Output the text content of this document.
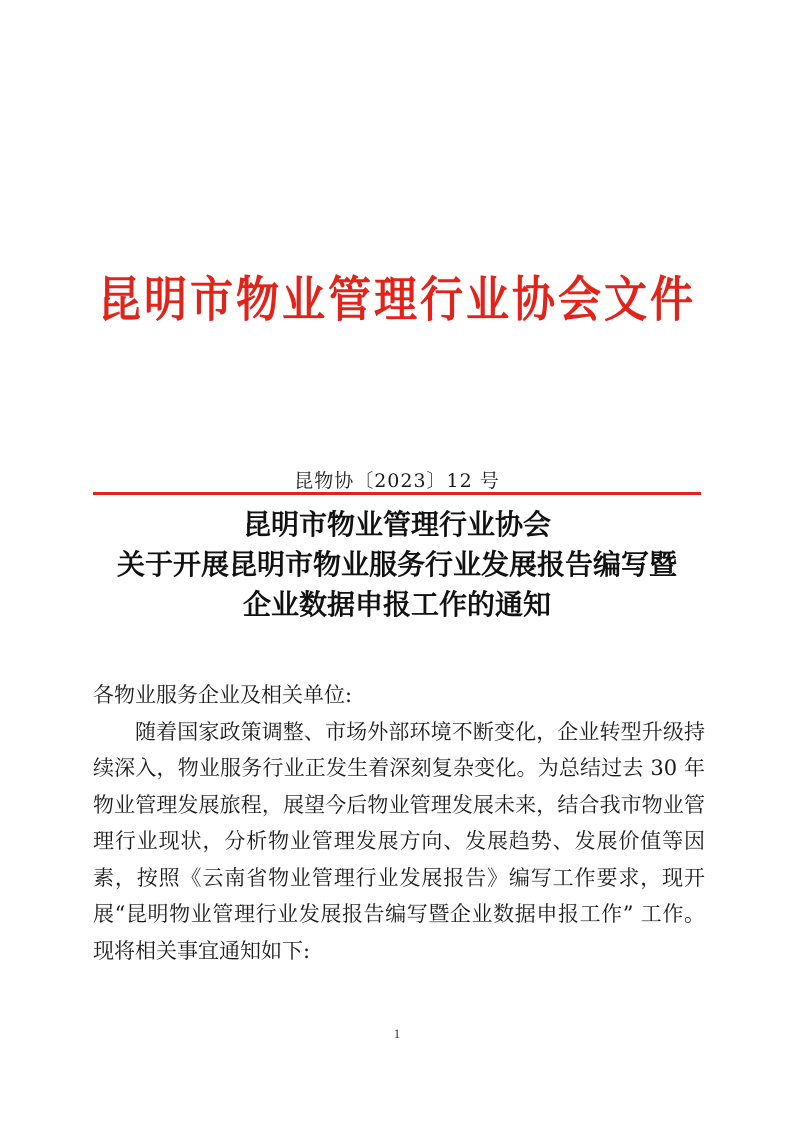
昆明市物业管理行业协会文件
昆物协〔2023〕12 号
昆明市物业管理行业协会
关于开展昆明市物业服务行业发展报告编写暨
企业数据申报工作的通知
各物业服务企业及相关单位:
随着国家政策调整、市场外部环境不断变化，企业转型升级持续深入，物业服务行业正发生着深刻复杂变化。为总结过去 30 年物业管理发展旅程，展望今后物业管理发展未来，结合我市物业管理行业现状，分析物业管理发展方向、发展趋势、发展价值等因素，按照《云南省物业管理行业发展报告》编写工作要求，现开展“昆明物业管理行业发展报告编写暨企业数据申报工作” 工作。现将相关事宜通知如下:
1
